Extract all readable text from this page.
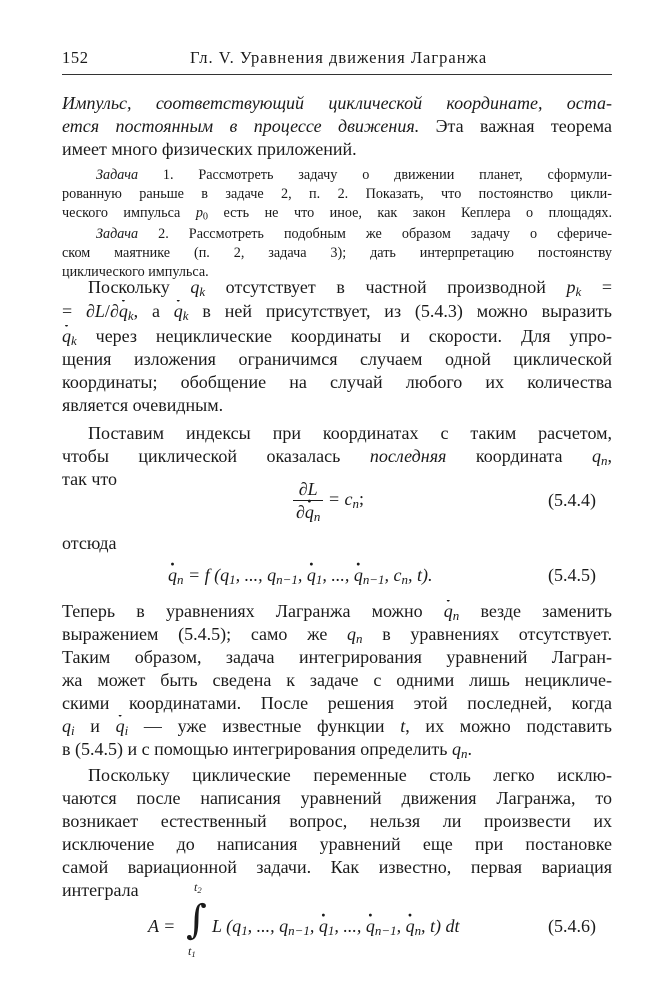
152	Гл. V. Уравнения движения Лагранжа
Импульс, соответствующий циклической координате, оста-
ется постоянным в процессе движения. Эта важная теорема
имеет много физических приложений.
Задача 1. Рассмотреть задачу о движении планет, сформули-
рованную раньше в задаче 2, п. 2. Показать, что постоянство цикли-
ческого импульса $p_0$ есть не что иное, как закон Кеплера о площадях.
Задача 2. Рассмотреть подобным же образом задачу о сфериче-
ском маятнике (п. 2, задача 3); дать интерпретацию постоянству
циклического импульса.
Поскольку $q_k$ отсутствует в частной производной $p_k$ =
= $\partial L/\partial\cdot q_k$, $а \cdot q_k$ в ней присутствует, из (5.4.3) можно выразить
· $q_k$ через нециклические координаты и скорости. Для упро-
щения изложения ограничимся случаем одной циклической
координаты; обобщение на случай любого их количества
является очевидным.
Поставим индексы при координатах с таким расчетом,
чтобы циклической оказалась последняя координата $q_n$,
так что	$\frac{\partial L}{\partial\cdot q_n} = c_n$;	(5.4.4)
отсюда
· $q_n = f$ ($q_1$, ..., $q_{n-1}$, · $q_1$, ..., · $q_{n-1}$, $c_n$, t).	(5.4.5)
Теперь в уравнениях Лагранжа можно · $q_n$ везде заменить
выражением (5.4.5); само же $q_n$ в уравнениях отсутствует.
Таким образом, задача интегрирования уравнений Лагран-
жа может быть сведена к задаче с одними лишь нецикличе-
скими координатами. После решения этой последней, когда
$q_i$ $и \cdot q_i$ — уже известные функции t, их можно подставить
в (5.4.5) и с помощью интегрирования определить $q_n$.
Поскольку циклические переменные столь легко исклю-
чаются после написания уравнений движения Лагранжа, то
возникает естественный вопрос, нельзя ли произвести их
исключение до написания уравнений еще при постановке
самой вариационной задачи. Как известно, первая вариация
интеграла
A = ∫
$t_2$
$t_1$
L ($q_1$, ..., $q_{n-1}$, · $q_1$, ..., · $q_{n-1}$, · $q_n$, t) dt	(5.4.6)
